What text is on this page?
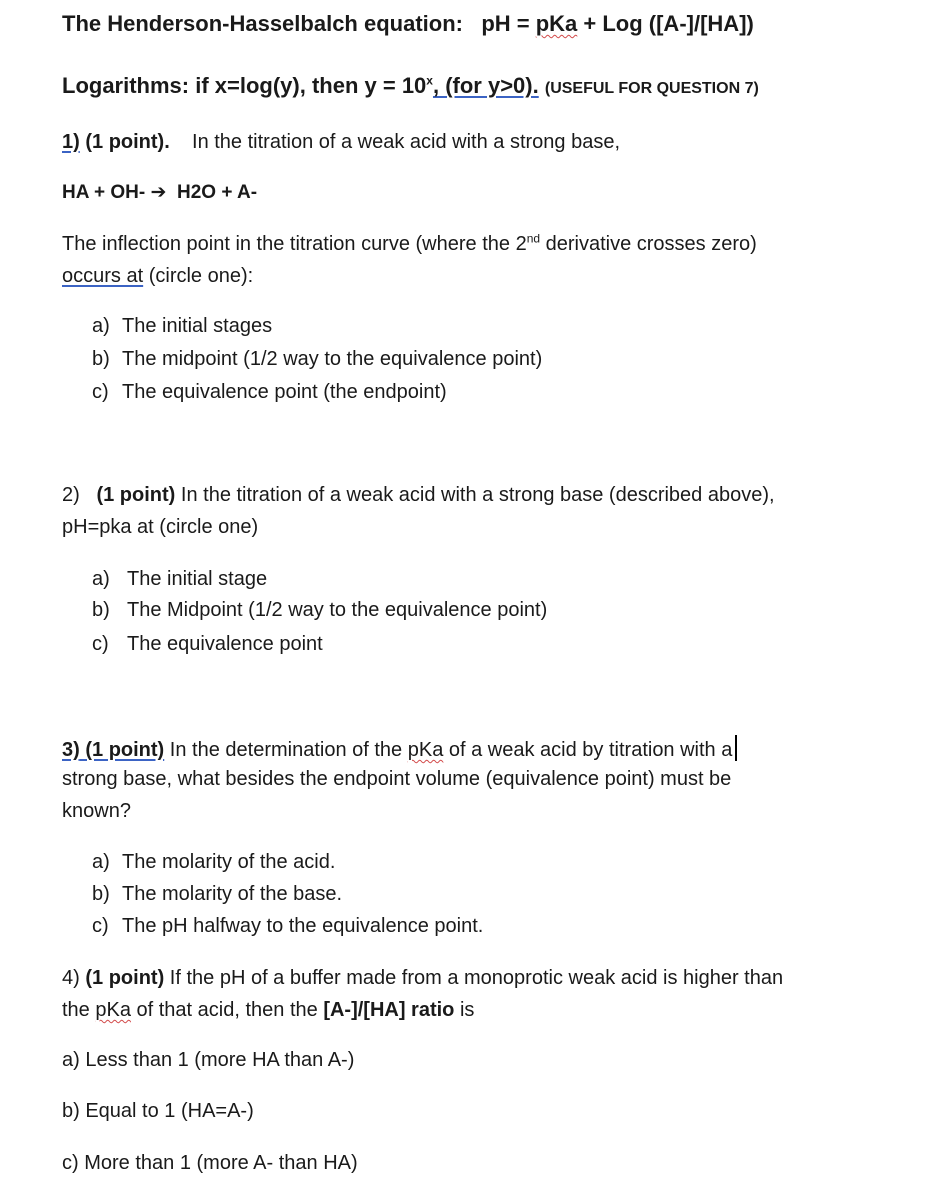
The Henderson-Hasselbalch equation: pH = pKa + Log ([A-]/[HA])
Logarithms: if x=log(y), then $y = 10^x$, (for y>0). (USEFUL FOR QUESTION 7)
1) (1 point). In the titration of a weak acid with a strong base,
HA + OH- ➔ H2O + A-
The inflection point in the titration curve (where the 2nd derivative crosses zero)
occurs at (circle one):
a) The initial stages
b) The midpoint (1/2 way to the equivalence point)
c) The equivalence point (the endpoint)
2) (1 point) In the titration of a weak acid with a strong base (described above),
pH=pka at (circle one)
a) The initial stage
b) The Midpoint (1/2 way to the equivalence point)
c) The equivalence point
3) (1 point) In the determination of the pKa of a weak acid by titration with a
strong base, what besides the endpoint volume (equivalence point) must be
known?
a) The molarity of the acid.
b) The molarity of the base.
c) The pH halfway to the equivalence point.
4) (1 point) If the pH of a buffer made from a monoprotic weak acid is higher than
the pKa of that acid, then the [A-]/[HA] ratio is
a) Less than 1 (more HA than A-)
b) Equal to 1 (HA=A-)
c) More than 1 (more A- than HA)
